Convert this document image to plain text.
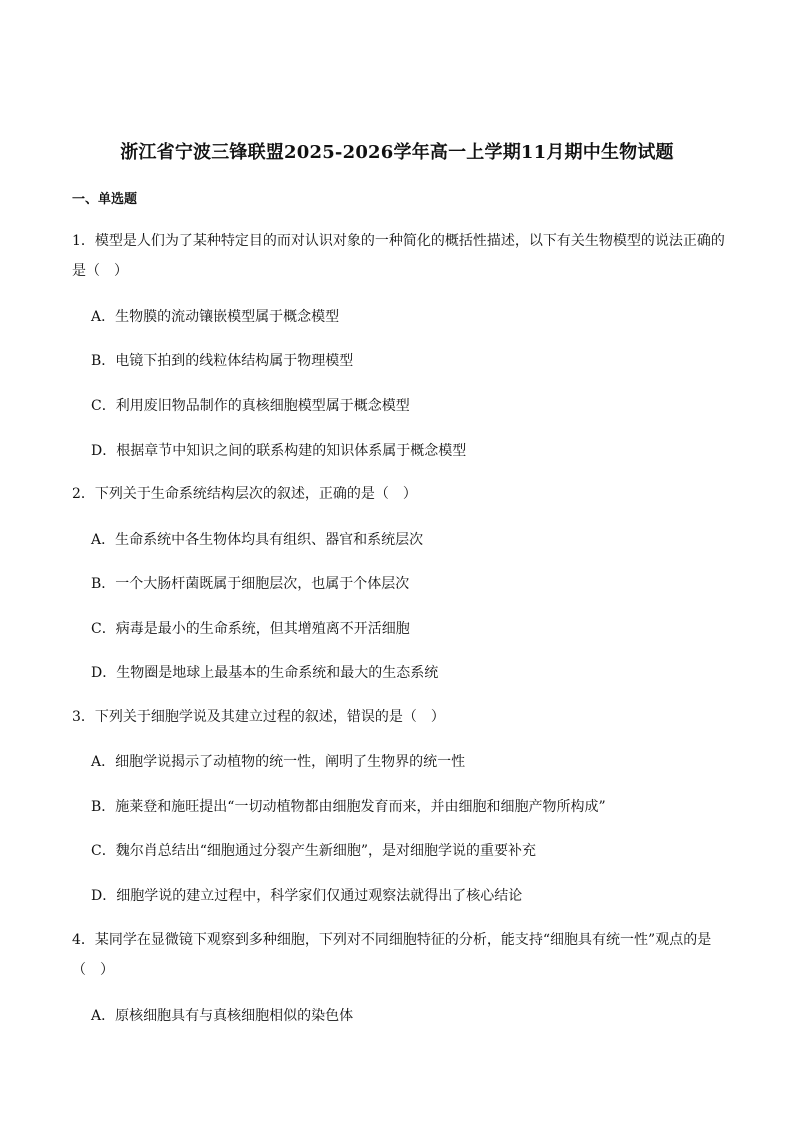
浙江省宁波三锋联盟2025-2026学年高一上学期11月期中生物试题
一、单选题
1．模型是人们为了某种特定目的而对认识对象的一种简化的概括性描述，以下有关生物模型的说法正确的
是（　）
A．生物膜的流动镶嵌模型属于概念模型
B．电镜下拍到的线粒体结构属于物理模型
C．利用废旧物品制作的真核细胞模型属于概念模型
D．根据章节中知识之间的联系构建的知识体系属于概念模型
2．下列关于生命系统结构层次的叙述，正确的是（　）
A．生命系统中各生物体均具有组织、器官和系统层次
B．一个大肠杆菌既属于细胞层次，也属于个体层次
C．病毒是最小的生命系统，但其增殖离不开活细胞
D．生物圈是地球上最基本的生命系统和最大的生态系统
3．下列关于细胞学说及其建立过程的叙述，错误的是（　）
A．细胞学说揭示了动植物的统一性，阐明了生物界的统一性
B．施莱登和施旺提出“一切动植物都由细胞发育而来，并由细胞和细胞产物所构成”
C．魏尔肖总结出“细胞通过分裂产生新细胞”，是对细胞学说的重要补充
D．细胞学说的建立过程中，科学家们仅通过观察法就得出了核心结论
4．某同学在显微镜下观察到多种细胞，下列对不同细胞特征的分析，能支持“细胞具有统一性”观点的是
（　）
A．原核细胞具有与真核细胞相似的染色体
